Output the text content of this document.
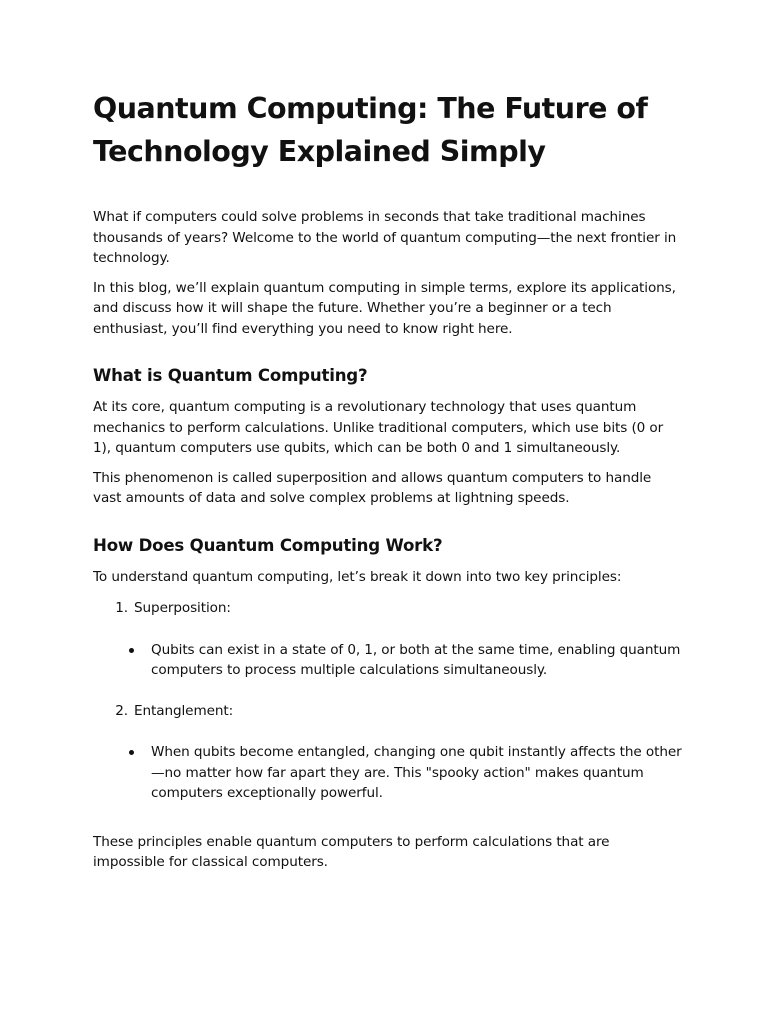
Quantum Computing: The Future of Technology Explained Simply

What if computers could solve problems in seconds that take traditional machines thousands of years? Welcome to the world of quantum computing—the next frontier in technology.

In this blog, we’ll explain quantum computing in simple terms, explore its applications, and discuss how it will shape the future. Whether you’re a beginner or a tech enthusiast, you’ll find everything you need to know right here.

What is Quantum Computing?

At its core, quantum computing is a revolutionary technology that uses quantum mechanics to perform calculations. Unlike traditional computers, which use bits (0 or 1), quantum computers use qubits, which can be both 0 and 1 simultaneously.

This phenomenon is called superposition and allows quantum computers to handle vast amounts of data and solve complex problems at lightning speeds.

How Does Quantum Computing Work?

To understand quantum computing, let’s break it down into two key principles:

1. Superposition:
Qubits can exist in a state of 0, 1, or both at the same time, enabling quantum computers to process multiple calculations simultaneously.
2. Entanglement:
When qubits become entangled, changing one qubit instantly affects the other—no matter how far apart they are. This "spooky action" makes quantum computers exceptionally powerful.

These principles enable quantum computers to perform calculations that are impossible for classical computers.
